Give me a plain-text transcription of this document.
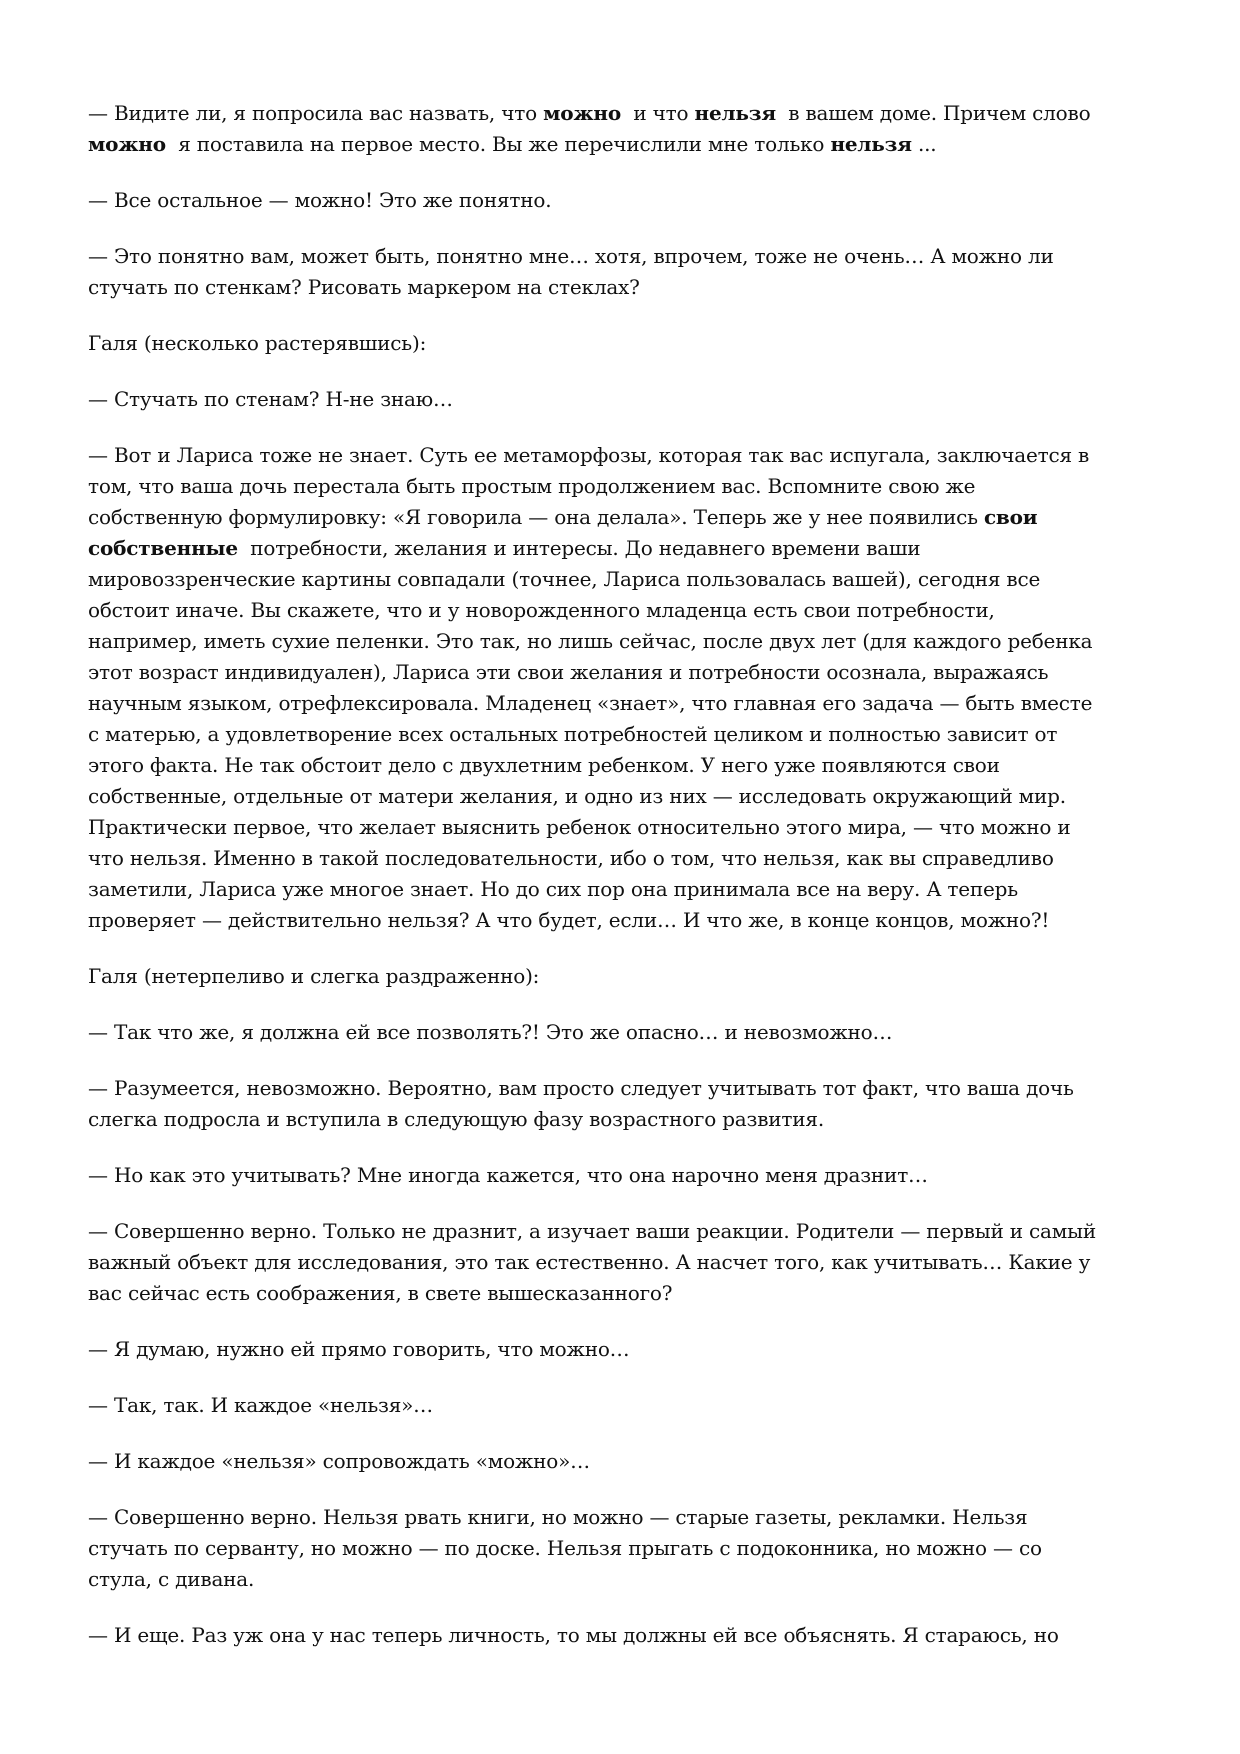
— Видите ли, я попросила вас назвать, что можно  и что нельзя  в вашем доме. Причем слово
можно  я поставила на первое место. Вы же перечислили мне только нельзя ...
— Все остальное — можно! Это же понятно.
— Это понятно вам, может быть, понятно мне… хотя, впрочем, тоже не очень… А можно ли
стучать по стенкам? Рисовать маркером на стеклах?
Галя (несколько растерявшись):
— Стучать по стенам? Н-не знаю…
— Вот и Лариса тоже не знает. Суть ее метаморфозы, которая так вас испугала, заключается в
том, что ваша дочь перестала быть простым продолжением вас. Вспомните свою же
собственную формулировку: «Я говорила — она делала». Теперь же у нее появились свои
собственные  потребности, желания и интересы. До недавнего времени ваши
мировоззренческие картины совпадали (точнее, Лариса пользовалась вашей), сегодня все
обстоит иначе. Вы скажете, что и у новорожденного младенца есть свои потребности,
например, иметь сухие пеленки. Это так, но лишь сейчас, после двух лет (для каждого ребенка
этот возраст индивидуален), Лариса эти свои желания и потребности осознала, выражаясь
научным языком, отрефлексировала. Младенец «знает», что главная его задача — быть вместе
с матерью, а удовлетворение всех остальных потребностей целиком и полностью зависит от
этого факта. Не так обстоит дело с двухлетним ребенком. У него уже появляются свои
собственные, отдельные от матери желания, и одно из них — исследовать окружающий мир.
Практически первое, что желает выяснить ребенок относительно этого мира, — что можно и
что нельзя. Именно в такой последовательности, ибо о том, что нельзя, как вы справедливо
заметили, Лариса уже многое знает. Но до сих пор она принимала все на веру. А теперь
проверяет — действительно нельзя? А что будет, если… И что же, в конце концов, можно?!
Галя (нетерпеливо и слегка раздраженно):
— Так что же, я должна ей все позволять?! Это же опасно… и невозможно…
— Разумеется, невозможно. Вероятно, вам просто следует учитывать тот факт, что ваша дочь
слегка подросла и вступила в следующую фазу возрастного развития.
— Но как это учитывать? Мне иногда кажется, что она нарочно меня дразнит…
— Совершенно верно. Только не дразнит, а изучает ваши реакции. Родители — первый и самый
важный объект для исследования, это так естественно. А насчет того, как учитывать… Какие у
вас сейчас есть соображения, в свете вышесказанного?
— Я думаю, нужно ей прямо говорить, что можно…
— Так, так. И каждое «нельзя»…
— И каждое «нельзя» сопровождать «можно»…
— Совершенно верно. Нельзя рвать книги, но можно — старые газеты, рекламки. Нельзя
стучать по серванту, но можно — по доске. Нельзя прыгать с подоконника, но можно — со
стула, с дивана.
— И еще. Раз уж она у нас теперь личность, то мы должны ей все объяснять. Я стараюсь, но
